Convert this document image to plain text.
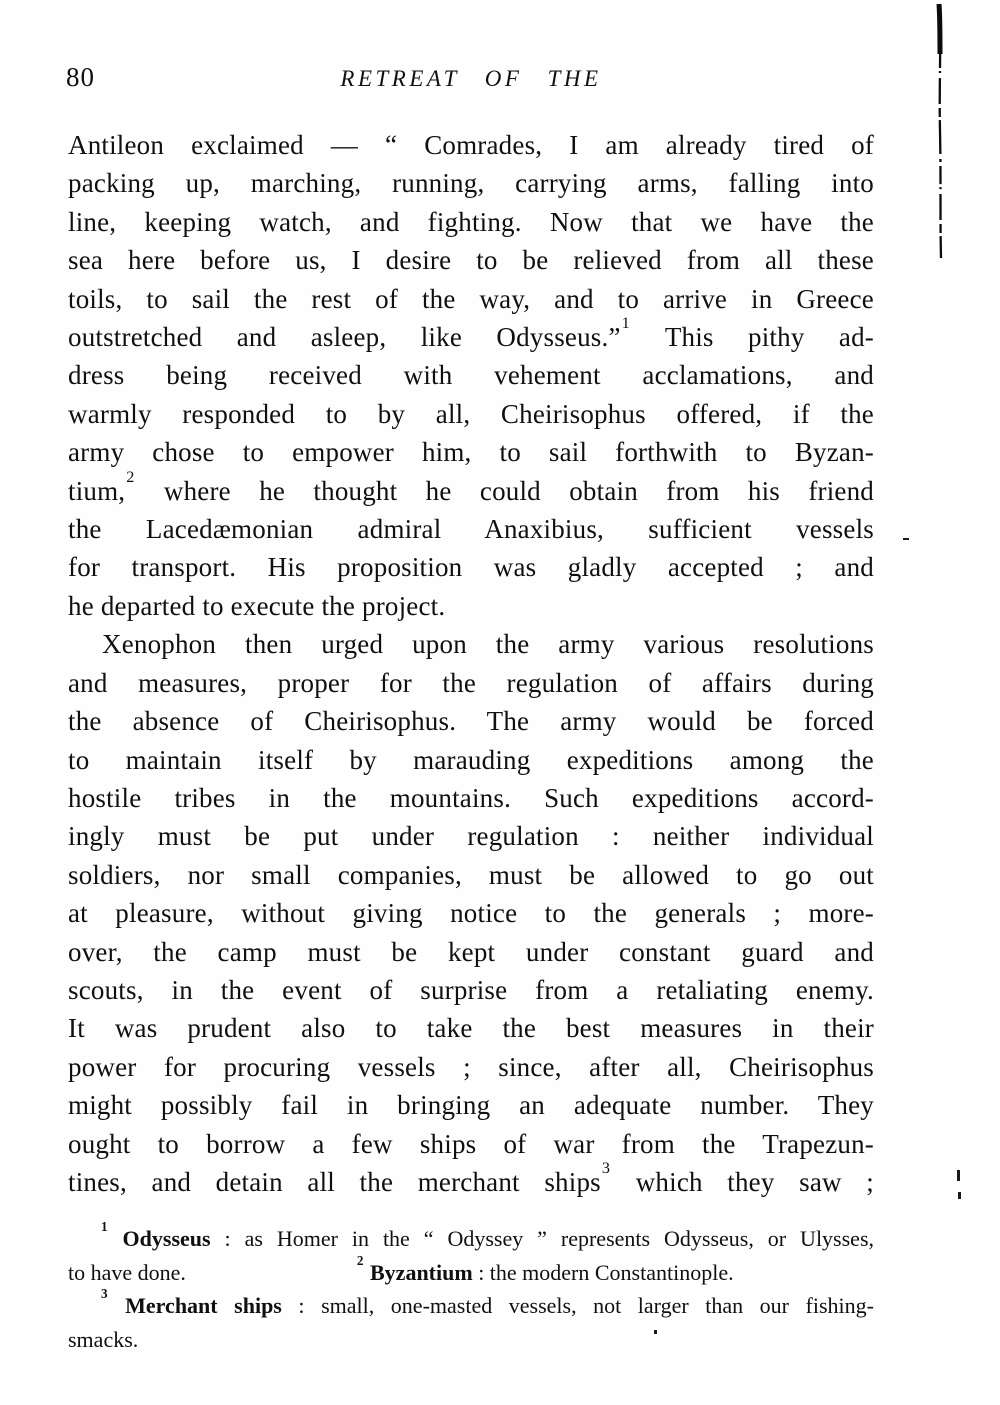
80	RETREAT OF THE
Antileon exclaimed — “ Comrades, I am already tired of
packing up, marching, running, carrying arms, falling into
line, keeping watch, and fighting. Now that we have the
sea here before us, I desire to be relieved from all these
toils, to sail the rest of the way, and to arrive in Greece
outstretched and asleep, like Odysseus.”$^1$ This pithy ad-
dress being received with vehement acclamations, and
warmly responded to by all, Cheirisophus offered, if the
army chose to empower him, to sail forthwith to Byzan-
tium,$^2$ where he thought he could obtain from his friend
the Lacedæmonian admiral Anaxibius, sufficient vessels
for transport. His proposition was gladly accepted ; and
he departed to execute the project.
Xenophon then urged upon the army various resolutions
and measures, proper for the regulation of affairs during
the absence of Cheirisophus. The army would be forced
to maintain itself by marauding expeditions among the
hostile tribes in the mountains. Such expeditions accord-
ingly must be put under regulation : neither individual
soldiers, nor small companies, must be allowed to go out
at pleasure, without giving notice to the generals ; more-
over, the camp must be kept under constant guard and
scouts, in the event of surprise from a retaliating enemy.
It was prudent also to take the best measures in their
power for procuring vessels ; since, after all, Cheirisophus
might possibly fail in bringing an adequate number. They
ought to borrow a few ships of war from the Trapezun-
tines, and detain all the merchant ships$^3$ which they saw ;
$^1$ Odysseus : as Homer in the “ Odyssey ” represents Odysseus, or Ulysses,
to have done.	$^2$ Byzantium : the modern Constantinople.
$^3$ Merchant ships : small, one-masted vessels, not larger than our fishing-
smacks.
